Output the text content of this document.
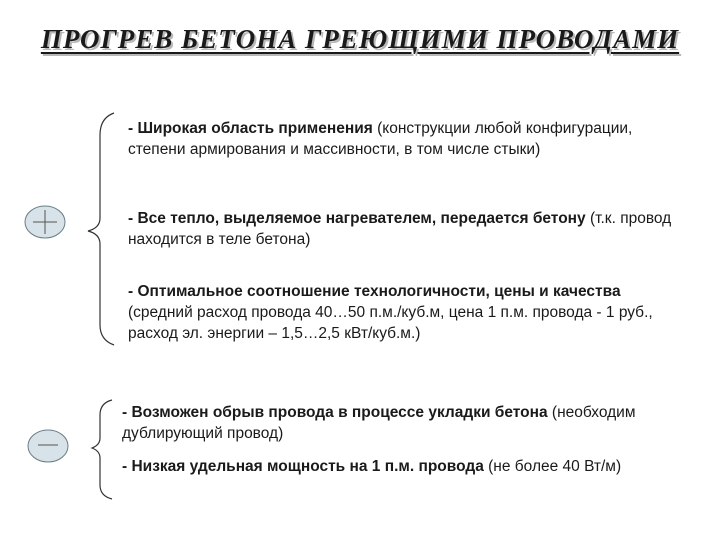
ПРОГРЕВ БЕТОНА ГРЕЮЩИМИ ПРОВОДАМИ
- Широкая область применения (конструкции любой конфигурации, степени армирования и массивности, в том числе стыки)
- Все тепло, выделяемое нагревателем, передается бетону (т.к. провод находится в теле бетона)
- Оптимальное соотношение технологичности, цены и качества (средний расход провода 40…50 п.м./куб.м, цена 1 п.м. провода - 1 руб., расход эл. энергии – 1,5…2,5 кВт/куб.м.)
- Возможен обрыв провода в процессе укладки бетона (необходим дублирующий провод)
- Низкая удельная мощность на 1 п.м. провода (не более 40 Вт/м)
